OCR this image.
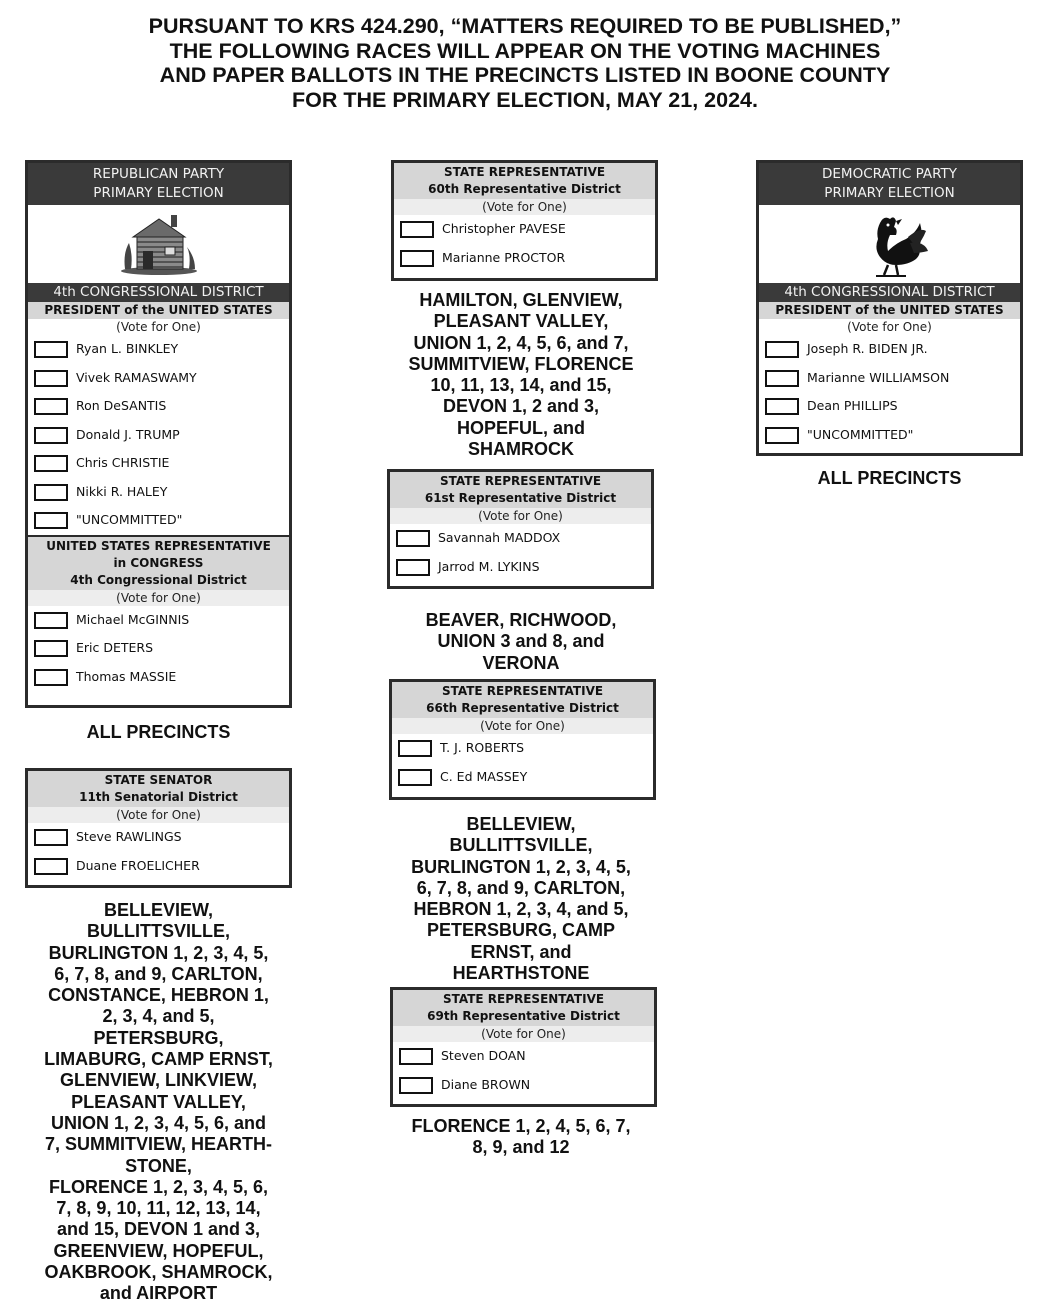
PURSUANT TO KRS 424.290, “MATTERS REQUIRED TO BE PUBLISHED,”
THE FOLLOWING RACES WILL APPEAR ON THE VOTING MACHINES
AND PAPER BALLOTS IN THE PRECINCTS LISTED IN BOONE COUNTY
FOR THE PRIMARY ELECTION, MAY 21, 2024.
REPUBLICAN PARTY
PRIMARY ELECTION
4th CONGRESSIONAL DISTRICT
PRESIDENT of the UNITED STATES
(Vote for One)
Ryan L. BINKLEY
Vivek RAMASWAMY
Ron DeSANTIS
Donald J. TRUMP
Chris CHRISTIE
Nikki R. HALEY
"UNCOMMITTED"
UNITED STATES REPRESENTATIVE
in CONGRESS
4th Congressional District
(Vote for One)
Michael McGINNIS
Eric DETERS
Thomas MASSIE
ALL PRECINCTS
STATE SENATOR
11th Senatorial District
(Vote for One)
Steve RAWLINGS
Duane FROELICHER
BELLEVIEW,
BULLITTSVILLE,
BURLINGTON 1, 2, 3, 4, 5,
6, 7, 8, and 9, CARLTON,
CONSTANCE, HEBRON 1,
2, 3, 4, and 5,
PETERSBURG,
LIMABURG, CAMP ERNST,
GLENVIEW, LINKVIEW,
PLEASANT VALLEY,
UNION 1, 2, 3, 4, 5, 6, and
7, SUMMITVIEW, HEARTH-
STONE,
FLORENCE 1, 2, 3, 4, 5, 6,
7, 8, 9, 10, 11, 12, 13, 14,
and 15, DEVON 1 and 3,
GREENVIEW, HOPEFUL,
OAKBROOK, SHAMROCK,
and AIRPORT
STATE REPRESENTATIVE
60th Representative District
(Vote for One)
Christopher PAVESE
Marianne PROCTOR
HAMILTON, GLENVIEW,
PLEASANT VALLEY,
UNION 1, 2, 4, 5, 6, and 7,
SUMMITVIEW, FLORENCE
10, 11, 13, 14, and 15,
DEVON 1, 2 and 3,
HOPEFUL, and
SHAMROCK
STATE REPRESENTATIVE
61st Representative District
(Vote for One)
Savannah MADDOX
Jarrod M. LYKINS
BEAVER, RICHWOOD,
UNION 3 and 8, and
VERONA
STATE REPRESENTATIVE
66th Representative District
(Vote for One)
T. J. ROBERTS
C. Ed MASSEY
BELLEVIEW,
BULLITTSVILLE,
BURLINGTON 1, 2, 3, 4, 5,
6, 7, 8, and 9, CARLTON,
HEBRON 1, 2, 3, 4, and 5,
PETERSBURG, CAMP
ERNST, and
HEARTHSTONE
STATE REPRESENTATIVE
69th Representative District
(Vote for One)
Steven DOAN
Diane BROWN
FLORENCE 1, 2, 4, 5, 6, 7,
8, 9, and 12
DEMOCRATIC PARTY
PRIMARY ELECTION
4th CONGRESSIONAL DISTRICT
PRESIDENT of the UNITED STATES
(Vote for One)
Joseph R. BIDEN JR.
Marianne WILLIAMSON
Dean PHILLIPS
"UNCOMMITTED"
ALL PRECINCTS
